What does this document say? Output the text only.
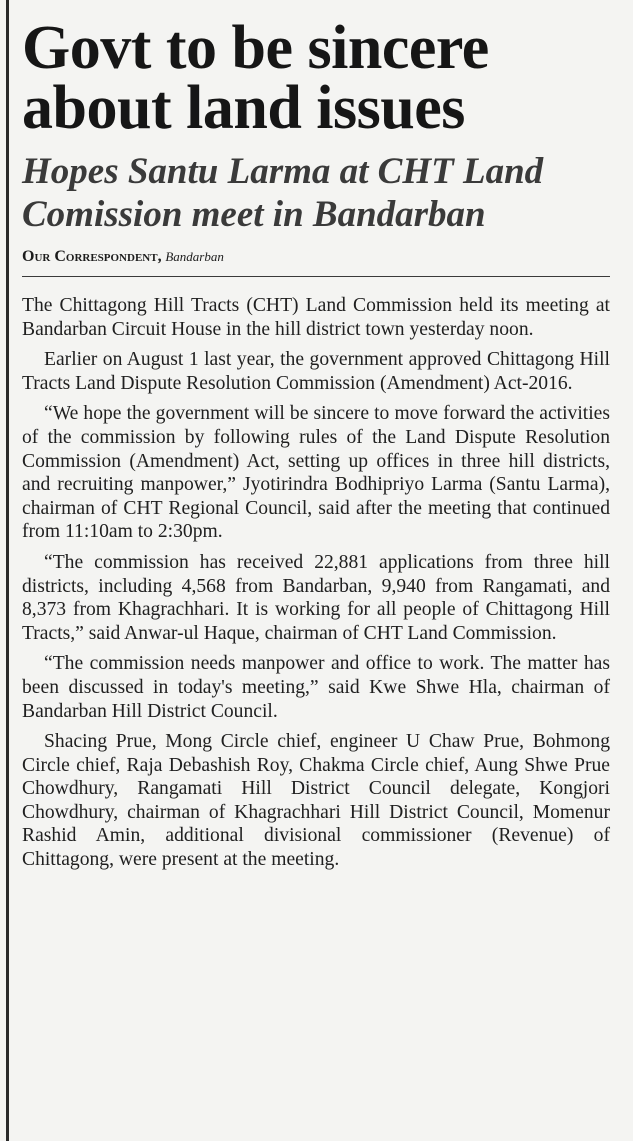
Govt to be sincere
about land issues
Hopes Santu Larma at CHT Land
Comission meet in Bandarban
Our Correspondent, Bandarban

The Chittagong Hill Tracts (CHT) Land Commission held its meeting at Bandarban Circuit House in the hill district town yesterday noon.

Earlier on August 1 last year, the government approved Chittagong Hill Tracts Land Dispute Resolution Commission (Amendment) Act-2016.

“We hope the government will be sincere to move forward the activities of the commission by following rules of the Land Dispute Resolution Commission (Amendment) Act, setting up offices in three hill districts, and recruiting manpower,” Jyotirindra Bodhipriyo Larma (Santu Larma), chairman of CHT Regional Council, said after the meeting that continued from 11:10am to 2:30pm.

“The commission has received 22,881 applications from three hill districts, including 4,568 from Bandarban, 9,940 from Rangamati, and 8,373 from Khagrachhari. It is working for all people of Chittagong Hill Tracts,” said Anwar-ul Haque, chairman of CHT Land Commission.

“The commission needs manpower and office to work. The matter has been discussed in today's meeting,” said Kwe Shwe Hla, chairman of Bandarban Hill District Council.

Shacing Prue, Mong Circle chief, engineer U Chaw Prue, Bohmong Circle chief, Raja Debashish Roy, Chakma Circle chief, Aung Shwe Prue Chowdhury, Rangamati Hill District Council delegate, Kongjori Chowdhury, chairman of Khagrachhari Hill District Council, Momenur Rashid Amin, additional divisional commissioner (Revenue) of Chittagong, were present at the meeting.
